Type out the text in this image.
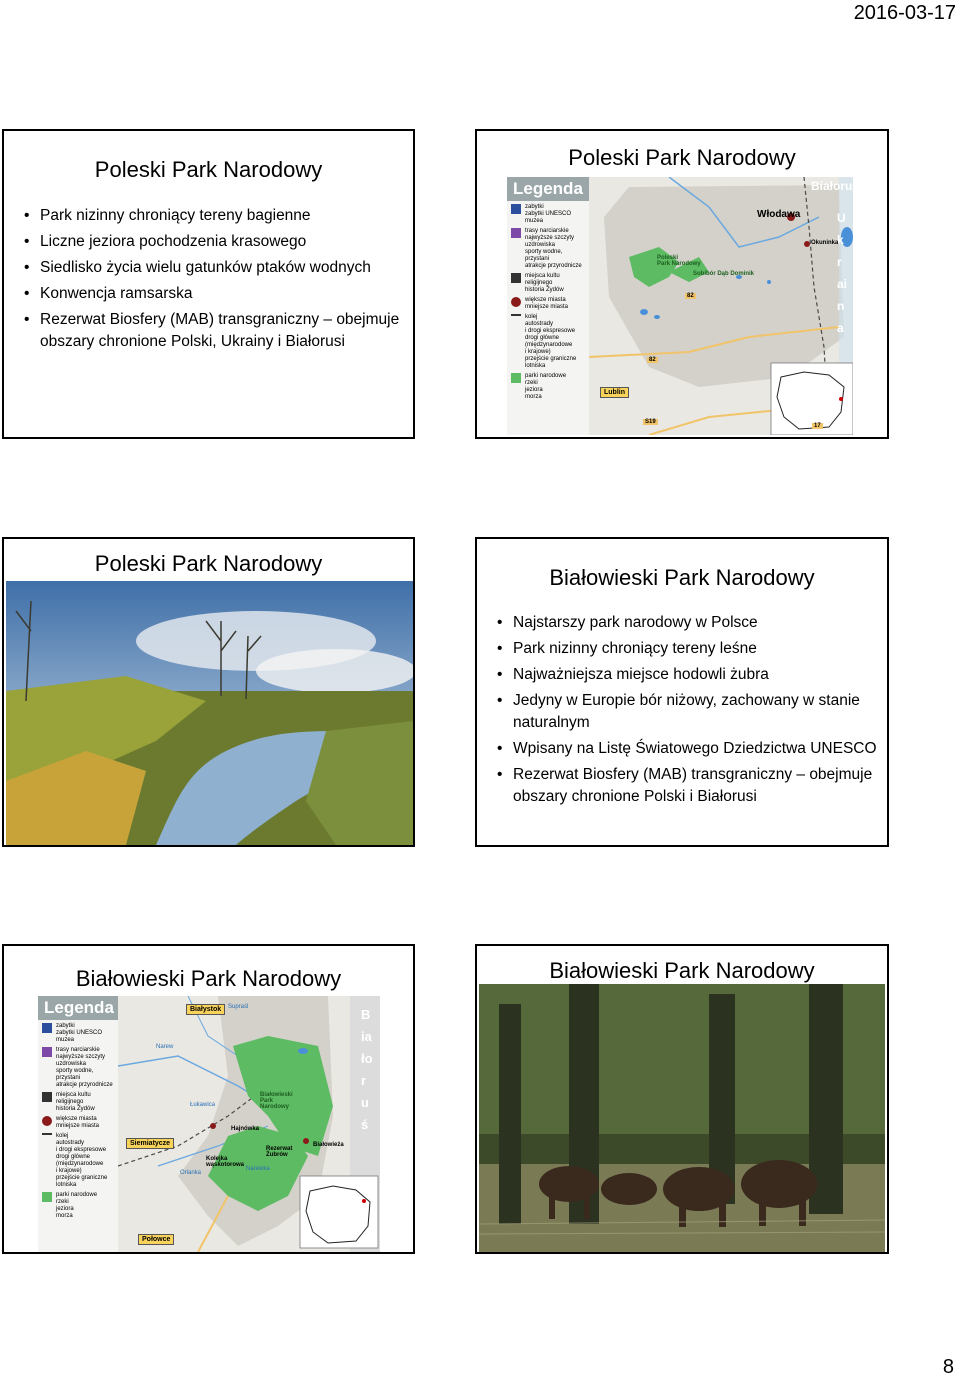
2016-03-17
Poleski Park Narodowy
• Park nizinny chroniący tereny bagienne
• Liczne jeziora pochodzenia krasowego
• Siedlisko życia wielu gatunków ptaków wodnych
• Konwencja ramsarska
• Rezerwat Biosfery (MAB) transgraniczny – obejmuje obszary chronione Polski, Ukrainy i Białorusi
Poleski Park Narodowy
Legenda
zabytki
zabytki UNESCO
muzea
trasy narciarskie
najwyższe szczyty
uzdrowiska
sporty wodne,
przystani
atrakcje przyrodnicze
miejsca kultu
religijnego
historia Żydów
większe miasta
mniejsze miasta
kolej
autostrady
i drogi ekspresowe
drogi główne
(międzynarodowe
i krajowe)
przejście graniczne
lotniska
parki narodowe
rzeki
jeziora
morza
Białoruś
Ukraina
Włodawa
Okuninka
Lublin
Poleski
Park Narodowy
Sobibór Dąb Dominik
82
82
17
S19
Poleski Park Narodowy
Białowieski Park Narodowy
• Najstarszy park narodowy w Polsce
• Park nizinny chroniący tereny leśne
• Najważniejsza miejsce hodowli żubra
• Jedyny w Europie bór niżowy, zachowany w stanie naturalnym
• Wpisany na Listę Światowego Dziedzictwa UNESCO
• Rezerwat Biosfery (MAB) transgraniczny – obejmuje obszary chronione Polski i Białorusi
Białowieski Park Narodowy
Legenda
zabytki
zabytki UNESCO
muzea
trasy narciarskie
najwyższe szczyty
uzdrowiska
sporty wodne,
przystani
atrakcje przyrodnicze
miejsca kultu
religijnego
historia Żydów
większe miasta
mniejsze miasta
kolej
autostrady
i drogi ekspresowe
drogi główne
(międzynarodowe
i krajowe)
przejście graniczne
lotniska
parki narodowe
rzeki
jeziora
morza
Białoruś
Białystok
Siemiatycze
Hajnówka
Białowieża
Połowce
Białowieski
Park
Narodowy
Kolejka
wąskotorowa
Rezerwat
Żubrów
Narew
Supraśl
Łukawica
Orlanka
Narewka
Białowieski Park Narodowy
8
